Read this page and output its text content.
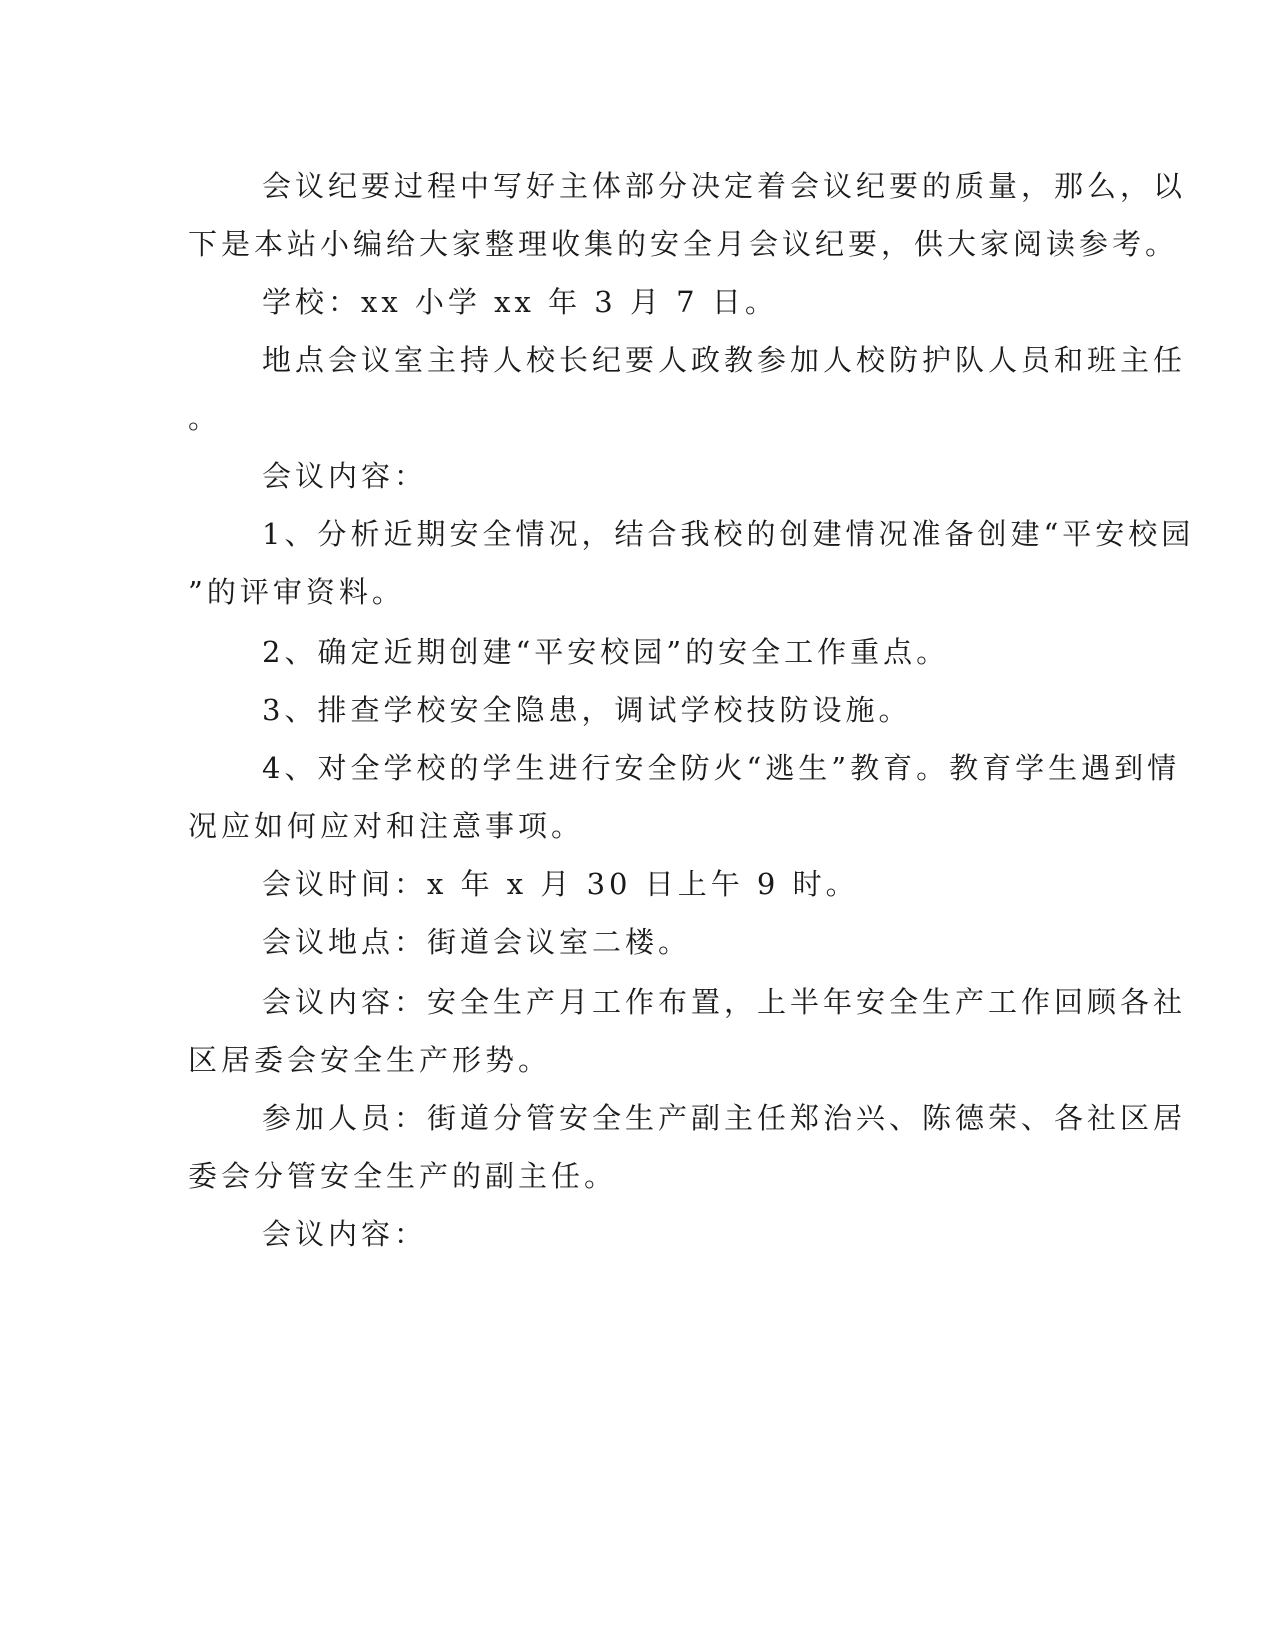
会议纪要过程中写好主体部分决定着会议纪要的质量，那么，以
下是本站小编给大家整理收集的安全月会议纪要，供大家阅读参考。
学校：xx 小学 xx 年 3 月 7 日。
地点会议室主持人校长纪要人政教参加人校防护队人员和班主任
。
会议内容：
1、分析近期安全情况，结合我校的创建情况准备创建“平安校园
”的评审资料。
2、确定近期创建“平安校园”的安全工作重点。
3、排查学校安全隐患，调试学校技防设施。
4、对全学校的学生进行安全防火“逃生”教育。教育学生遇到情
况应如何应对和注意事项。
会议时间：x 年 x 月 30 日上午 9 时。
会议地点：街道会议室二楼。
会议内容：安全生产月工作布置，上半年安全生产工作回顾各社
区居委会安全生产形势。
参加人员：街道分管安全生产副主任郑治兴、陈德荣、各社区居
委会分管安全生产的副主任。
会议内容：
